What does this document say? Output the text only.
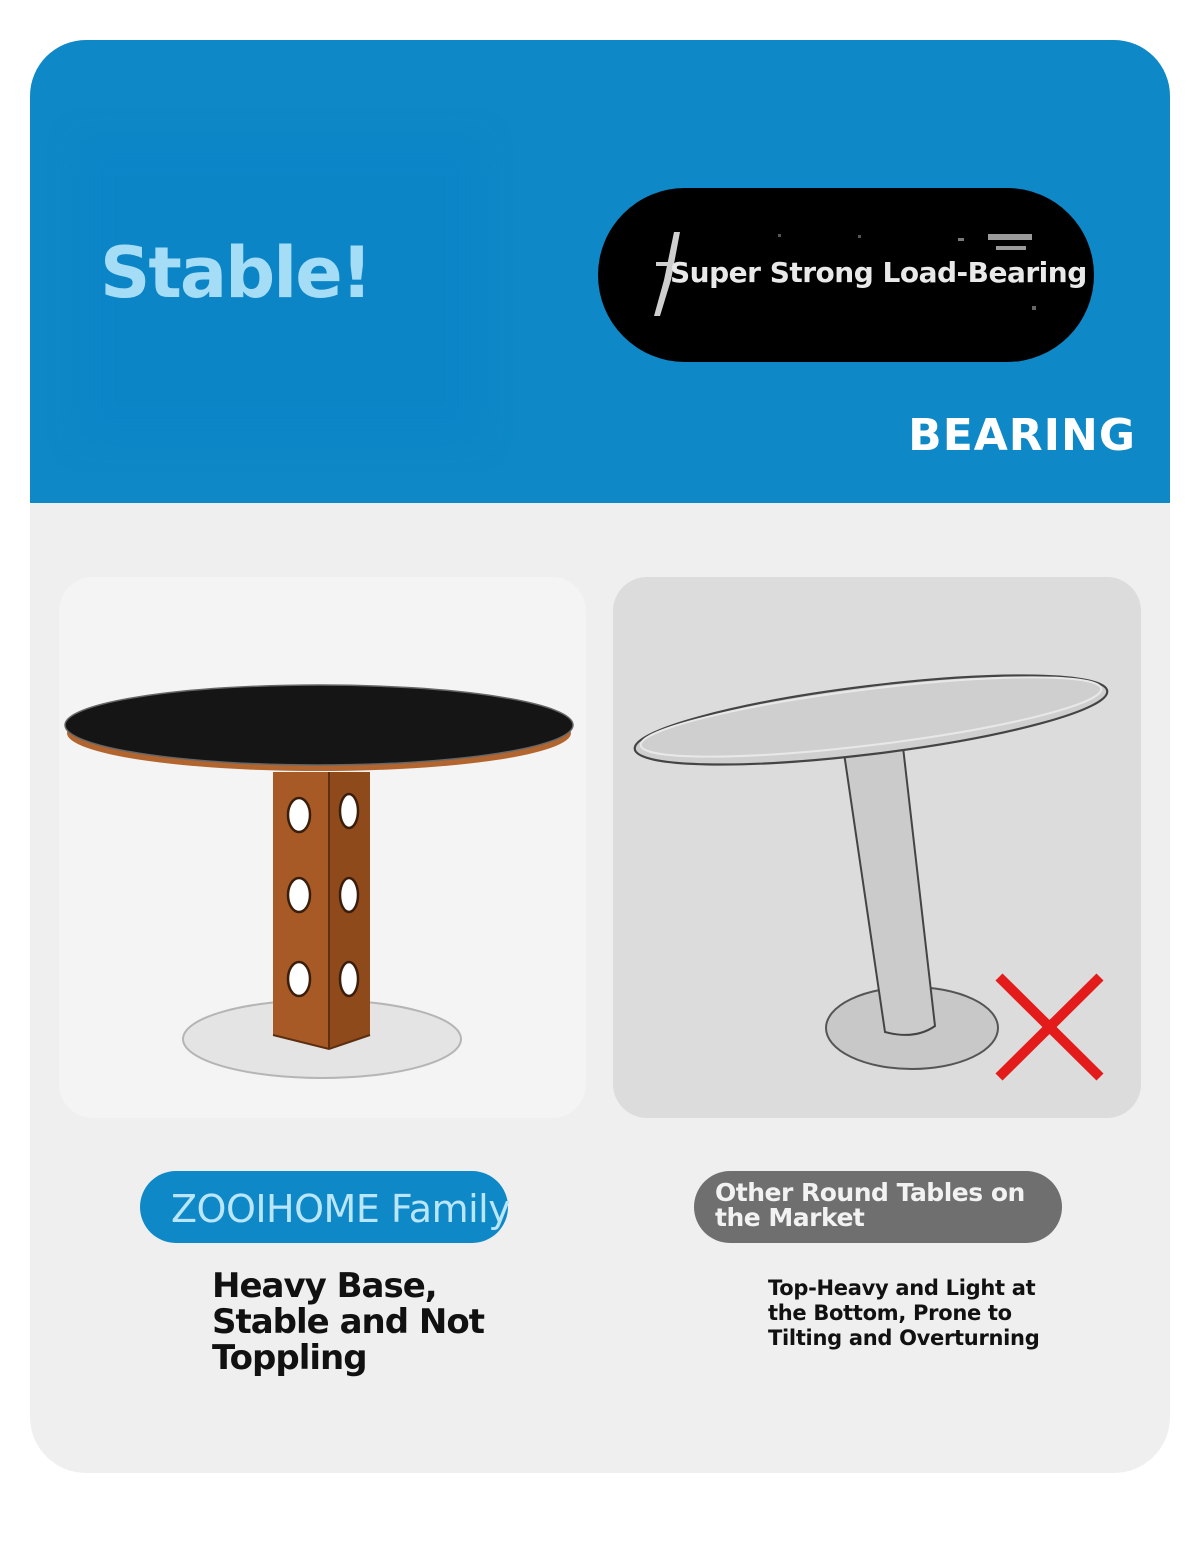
Stable!	Super Strong Load-Bearing
BEARING
ZOOIHOME Family	Other Round Tables on the Market

Heavy Base, Stable and Not Toppling

Top-Heavy and Light at the Bottom, Prone to Tilting and Overturning
